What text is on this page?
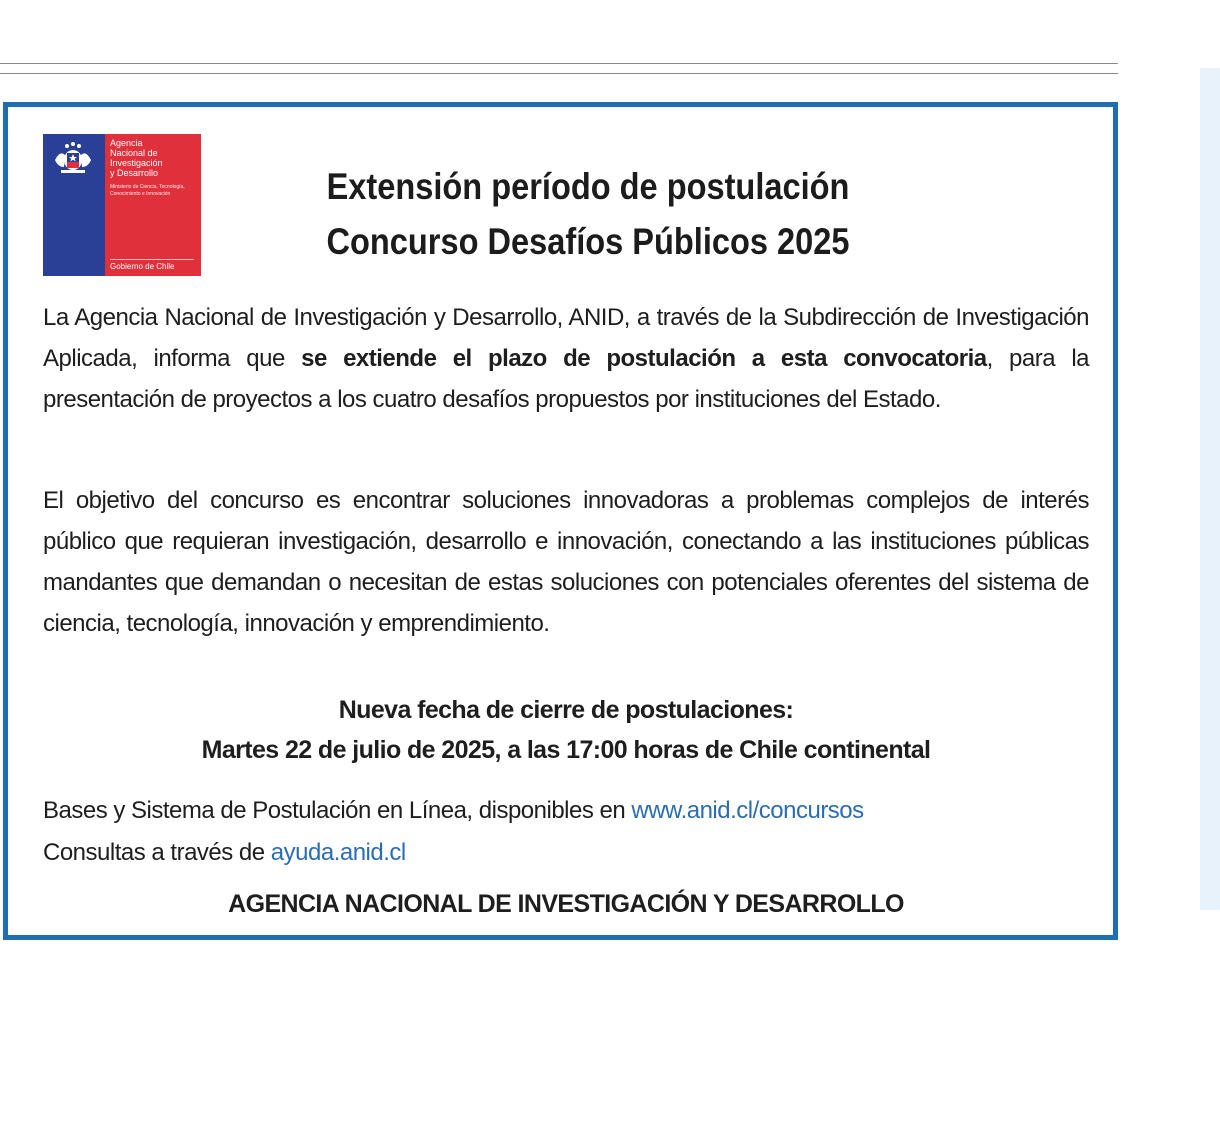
Agencia
Nacional de
Investigación
y Desarrollo
Ministerio de Ciencia, Tecnología, Conocimiento e Innovación
Gobierno de Chile
Extensión período de postulación
Concurso Desafíos Públicos 2025

La Agencia Nacional de Investigación y Desarrollo, ANID, a través de la Subdirección de Investigación Aplicada, informa que se extiende el plazo de postulación a esta convocatoria, para la presentación de proyectos a los cuatro desafíos propuestos por instituciones del Estado.

El objetivo del concurso es encontrar soluciones innovadoras a problemas complejos de interés público que requieran investigación, desarrollo e innovación, conectando a las instituciones públicas mandantes que demandan o necesitan de estas soluciones con potenciales oferentes del sistema de ciencia, tecnología, innovación y emprendimiento.

Nueva fecha de cierre de postulaciones:
Martes 22 de julio de 2025, a las 17:00 horas de Chile continental
Bases y Sistema de Postulación en Línea, disponibles en www.anid.cl/concursos
Consultas a través de ayuda.anid.cl
AGENCIA NACIONAL DE INVESTIGACIÓN Y DESARROLLO
